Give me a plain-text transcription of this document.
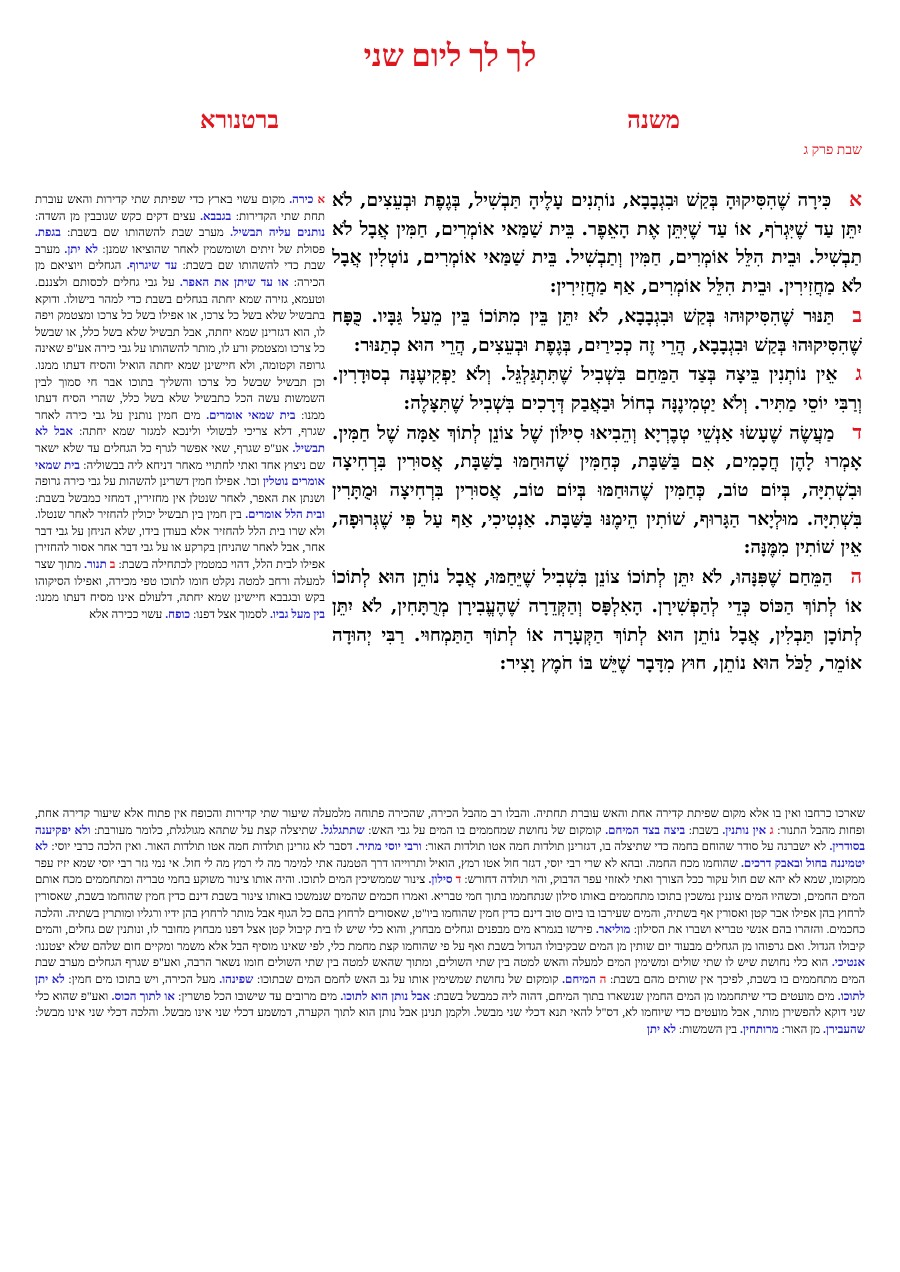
לך לך ליום שני
משנה
ברטנורא
שבת פרק ג

אכִּירָה שֶׁהִסִּיקוּהָ בְּקַשׁ וּבִגְבָבָא, נוֹתְנִים עָלֶיהָ תַּבְשִׁיל, בְּגֶפֶת וּבְעֵצִים, לֹא יִתֵּן עַד שֶׁיִּגְרֹף, אוֹ עַד שֶׁיִּתֵּן אֶת הָאֵפֶר. בֵּית שַׁמַּאי אוֹמְרִים, חַמִּין אֲבָל לֹא תַבְשִׁיל. וּבֵית הִלֵּל אוֹמְרִים, חַמִּין וְתַבְשִׁיל. בֵּית שַׁמַּאי אוֹמְרִים, נוֹטְלִין אֲבָל לֹא מַחֲזִירִין. וּבֵית הִלֵּל אוֹמְרִים, אַף מַחֲזִירִין:

בתַּנּוּר שֶׁהִסִּיקוּהוּ בְּקַשׁ וּבִגְבָבָא, לֹא יִתֵּן בֵּין מִתּוֹכוֹ בֵּין מֵעַל גַּבָּיו. כֻּפָּח שֶׁהִסִּיקוּהוּ בְּקַשׁ וּבִגְבָבָא, הֲרֵי זֶה כְכִירַיִם, בְּגֶפֶת וּבְעֵצִים, הֲרֵי הוּא כְתַנּוּר:

גאֵין נוֹתְנִין בֵּיצָה בְּצַד הַמֵּחַם בִּשְׁבִיל שֶׁתִּתְגַּלְגֵּל. וְלֹא יַפְקִיעֶנָּה בְסוּדָרִין. וְרַבִּי יוֹסֵי מַתִּיר. וְלֹא יַטְמִינֶנָּה בְחוֹל וּבַאֲבַק דְּרָכִים בִּשְׁבִיל שֶׁתִּצָּלֶה:

דמַעֲשֶׂה שֶׁעָשׂוּ אַנְשֵׁי טְבֶרְיָא וְהֵבִיאוּ סִילּוֹן שֶׁל צוֹנֵן לְתוֹךְ אַמָּה שֶׁל חַמִּין. אָמְרוּ לָהֶן חֲכָמִים, אִם בַּשַּׁבָּת, כְּחַמִּין שֶׁהוּחַמּוּ בַשַּׁבָּת, אֲסוּרִין בִּרְחִיצָה וּבִשְׁתִיָּה, בְּיוֹם טוֹב, כְּחַמִּין שֶׁהוּחַמּוּ בְּיוֹם טוֹב, אֲסוּרִין בִּרְחִיצָה וּמֻתָּרִין בִּשְׁתִיָּה. מוּלְיָאר הַגָּרוּף, שׁוֹתִין הֵימֶנּוּ בַּשַּׁבָּת. אַנְטִיכִי, אַף עַל פִּי שֶׁגְּרוּפָה, אֵין שׁוֹתִין מִמֶּנָּה:

ההַמֵּחַם שֶׁפִּנָּהוּ, לֹא יִתֵּן לְתוֹכוֹ צוֹנֵן בִּשְׁבִיל שֶׁיֵּחַמּוּ, אֲבָל נוֹתֵן הוּא לְתוֹכוֹ אוֹ לְתוֹךְ הַכּוֹס כְּדֵי לְהַפְשִׁירָן. הָאִלְפָּס וְהַקְּדֵרָה שֶׁהֶעֱבִירָן מְרֻתָּחִין, לֹא יִתֵּן לְתוֹכָן תַּבְלִין, אֲבָל נוֹתֵן הוּא לְתוֹךְ הַקְּעָרָה אוֹ לְתוֹךְ הַתַּמְחוּי. רַבִּי יְהוּדָה אוֹמֵר, לַכֹּל הוּא נוֹתֵן, חוּץ מִדָּבָר שֶׁיֵּשׁ בּוֹ חֹמֶץ וָצִיר:

א כירה. מקום עשוי בארץ כדי שפיתת שתי קדירות והאש עוברת תחת שתי הקדירות: בגבבא. עצים דקים כקש שגובבין מן השדה: נותנים עליה תבשיל. מערב שבת להשהותו שם בשבת: בגפת. פסולת של זיתים ושומשמין לאחר שהוציאו שמנן: לא יתן. מערב שבת כדי להשהותו שם בשבת: עד שיגרוף. הגחלים ויוציאם מן הכירה: או עד שיתן את האפר. על גבי גחלים לכסותם ולצננם. וטעמא, גזירה שמא יחתה בגחלים בשבת כדי למהר בישולו. ודוקא בתבשיל שלא בשל כל צרכו, או אפילו בשל כל צרכו ומצטמק ויפה לו, הוא דגזרינן שמא יחתה, אבל תבשיל שלא בשל כלל, או שבשל כל צרכו ומצטמק ורע לו, מותר להשהותו על גבי כירה אע"פ שאינה גרופה וקטומה, ולא חיישינן שמא יחתה הואיל והסיח דעתו ממנו. וכן תבשיל שבשל כל צרכו והשליך בתוכו אבר חי סמוך לבין השמשות עשה הכל כתבשיל שלא בשל כלל, שהרי הסיח דעתו ממנו: בית שמאי אומרים. מים חמין נותנין על גבי כירה לאחר שגרף, דלא צריכי לבשולי ולינכא למגזר שמא יחתה: אבל לא תבשיל. אע"פ שגרף, שאי אפשר לגרף כל הגחלים עד שלא ישאר שם ניצוץ אחד ואתי לחתויי מאחר דניחא ליה בבשוליה: בית שמאי אומרים נוטלין וכו'. אפילו חמין דשרינן להשהות על גבי כירה גרופה ושנתן את האפר, לאחר שנטלן אין מחזירין, דמחזי כמבשל בשבת: ובית הלל אומרים. בין חמין בין תבשיל יכולין להחזיר לאחר שנטלו. ולא שרו בית הלל להחזיר אלא בעודן בידו, שלא הניחן על גבי דבר אחר, אבל לאחר שהניחן בקרקע או על גבי דבר אחר אסור להחזירן אפילו לבית הלל, דהוי כמטמין לכתחילה בשבת: ב תנור. מתוך שצר למעלה ורחב למטה נקלט חומו לתוכו טפי מכירה, ואפילו הסיקוהו בקש ובגבבא חיישינן שמא יחתה, דלעולם אינו מסיח דעתו ממנו: בין מעל גביו. לסמוך אצל דפנו: כופח. עשוי ככירה אלא
שארכו כרחבו ואין בו אלא מקום שפיתת קדירה אחת והאש עוברת תחתיה. והבלו רב מהבל הכירה, שהכירה פתוחה מלמעלה שיעור שתי קדירות והכופח אין פתוח אלא שיעור קדירה אחת, ופחות מהבל התנור: ג אין נותנין. בשבת: ביצה בצד המיחם. קומקום של נחושת שמחממים בו המים על גבי האש: שתתגלגל. שתיצלה קצת על שתהא מגולגלת, כלומר מעורבת: ולא יפקיענה בסודרין. לא ישברנה על סודר שהוחם בחמה כדי שתיצלה בו, דגזרינן תולדות חמה אטו תולדות האור: ורבי יוסי מתיר. דסבר לא גזרינן תולדות חמה אטו תולדות האור. ואין הלכה כרבי יוסי: לא יטמיננה בחול ובאבק דרכים. שהוחמו מכח החמה. ובהא לא שרי רבי יוסי, דגזר חול אטו רמץ, הואיל ותרוייהו דרך הטמנה אתי למימר מה לי רמץ מה לי חול. אי נמי גזר רבי יוסי שמא יזיז עפר ממקומו, שמא לא יהא שם חול עקור ככל הצורך ואתי לאזוזי עפר הדבוק, והוי תולדה דחורש: ד סילון. צינור שממשיכין המים לתוכו. והיה אותו צינור משוקע בחמי טבריה ומתחממים מכח אותם המים החמים, וכשהיו המים צוננין נמשכין בתוכו מתחממים באותו סילון שנתחממו בתוך חמי טבריא. ואמרו חכמים שהמים שנמשכו באותו צינור בשבת דינם כדין חמין שהוחמו בשבת, שאסורין לרחוץ בהן אפילו אבר קטן ואסורין אף בשתיה, והמים שעירבו בו ביום טוב דינם כדין חמין שהוחמו ביו"ט, שאסורים לרחוץ בהם כל הגוף אבל מותר לרחוץ בהן ידיו ורגליו ומותרין בשתיה. והלכה כחכמים. והזהרו בהם אנשי טבריא ושברו את הסילון: מוליאר. פירשו בגמרא מים מבפנים וגחלים מבחוץ, והוא כלי שיש לו בית קיבול קטן אצל דפנו מבחוץ מחובר לו, ונותנין שם גחלים, והמים קיבולו הגדול. ואם גרפוהו מן הגחלים מבעוד יום שותין מן המים שבקיבולו הגדול בשבת ואף על פי שהוחמו קצת מחמת כלי, לפי שאינו מוסיף הבל אלא משמר ומקיים חום שלהם שלא יצטננו: אנטיכי. הוא כלי נחושת שיש לו שתי שולים ומשימין המים למעלה והאש למטה בין שתי השולים, ומתוך שהאש למטה בין שתי השולים חומו נשאר הרבה, ואע"פ שגרף הגחלים מערב שבת המים מתחממים בו בשבת, לפיכך אין שותים מהם בשבת: ה המיחם. קומקום של נחושת שמשימין אותו על גב האש לחמם המים שבתוכו: שפינהו. מעל הכירה, ויש בתוכו מים חמין: לא יתן לתוכו. מים מועטים כדי שיתחממו מן המים החמין שנשארו בתוך המיחם, דהוה ליה כמבשל בשבת: אבל נותן הוא לתוכו. מים מרובים עד שישובו הכל פושרין: או לתוך הכוס. ואע"פ שהוא כלי שני דוקא להפשירן מותר, אבל מועטים כדי שיוחמו לא, דס"ל להאי תנא דכלי שני מבשל. ולקמן תנינן אבל נותן הוא לתוך הקערה, דמשמע דכלי שני אינו מבשל. והלכה דכלי שני אינו מבשל: שהעבירן. מן האור: מרותחין. בין השמשות: לא יתן
